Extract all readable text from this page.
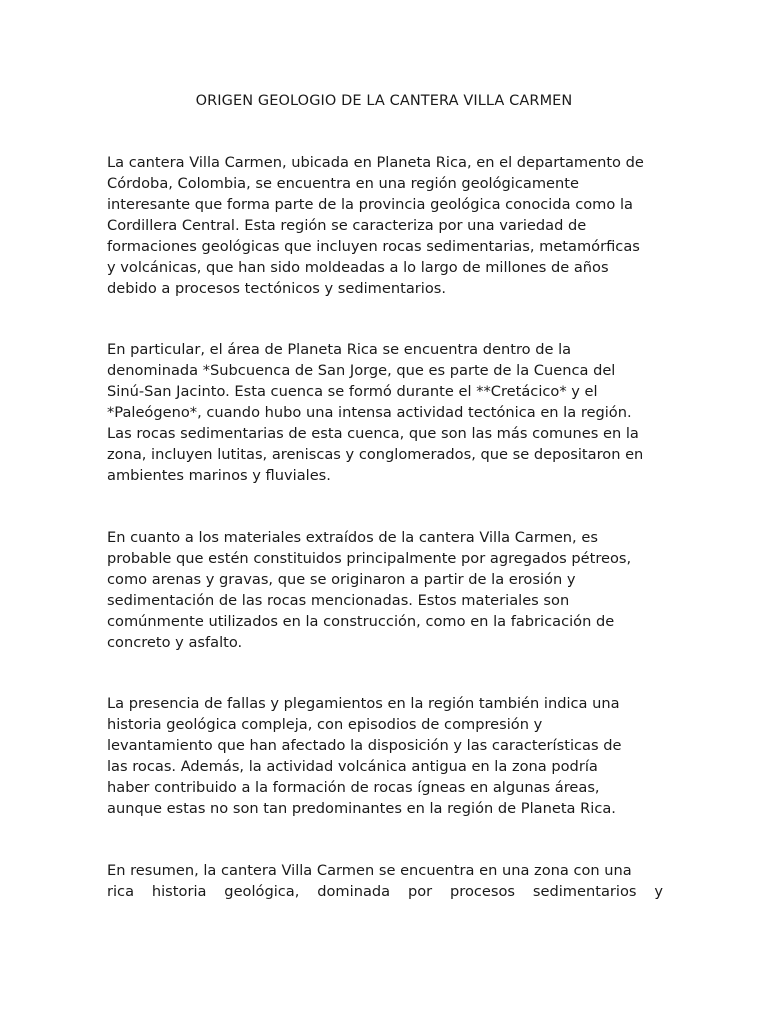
ORIGEN GEOLOGIO DE LA CANTERA VILLA CARMEN

La cantera Villa Carmen, ubicada en Planeta Rica, en el departamento de
Córdoba, Colombia, se encuentra en una región geológicamente
interesante que forma parte de la provincia geológica conocida como la
Cordillera Central. Esta región se caracteriza por una variedad de
formaciones geológicas que incluyen rocas sedimentarias, metamórficas
y volcánicas, que han sido moldeadas a lo largo de millones de años
debido a procesos tectónicos y sedimentarios.

En particular, el área de Planeta Rica se encuentra dentro de la
denominada *Subcuenca de San Jorge, que es parte de la Cuenca del
Sinú-San Jacinto. Esta cuenca se formó durante el **Cretácico* y el
*Paleógeno*, cuando hubo una intensa actividad tectónica en la región.
Las rocas sedimentarias de esta cuenca, que son las más comunes en la
zona, incluyen lutitas, areniscas y conglomerados, que se depositaron en
ambientes marinos y fluviales.

En cuanto a los materiales extraídos de la cantera Villa Carmen, es
probable que estén constituidos principalmente por agregados pétreos,
como arenas y gravas, que se originaron a partir de la erosión y
sedimentación de las rocas mencionadas. Estos materiales son
comúnmente utilizados en la construcción, como en la fabricación de
concreto y asfalto.

La presencia de fallas y plegamientos en la región también indica una
historia geológica compleja, con episodios de compresión y
levantamiento que han afectado la disposición y las características de
las rocas. Además, la actividad volcánica antigua en la zona podría
haber contribuido a la formación de rocas ígneas en algunas áreas,
aunque estas no son tan predominantes en la región de Planeta Rica.

En resumen, la cantera Villa Carmen se encuentra en una zona con una
rica historia geológica, dominada por procesos sedimentarios y
